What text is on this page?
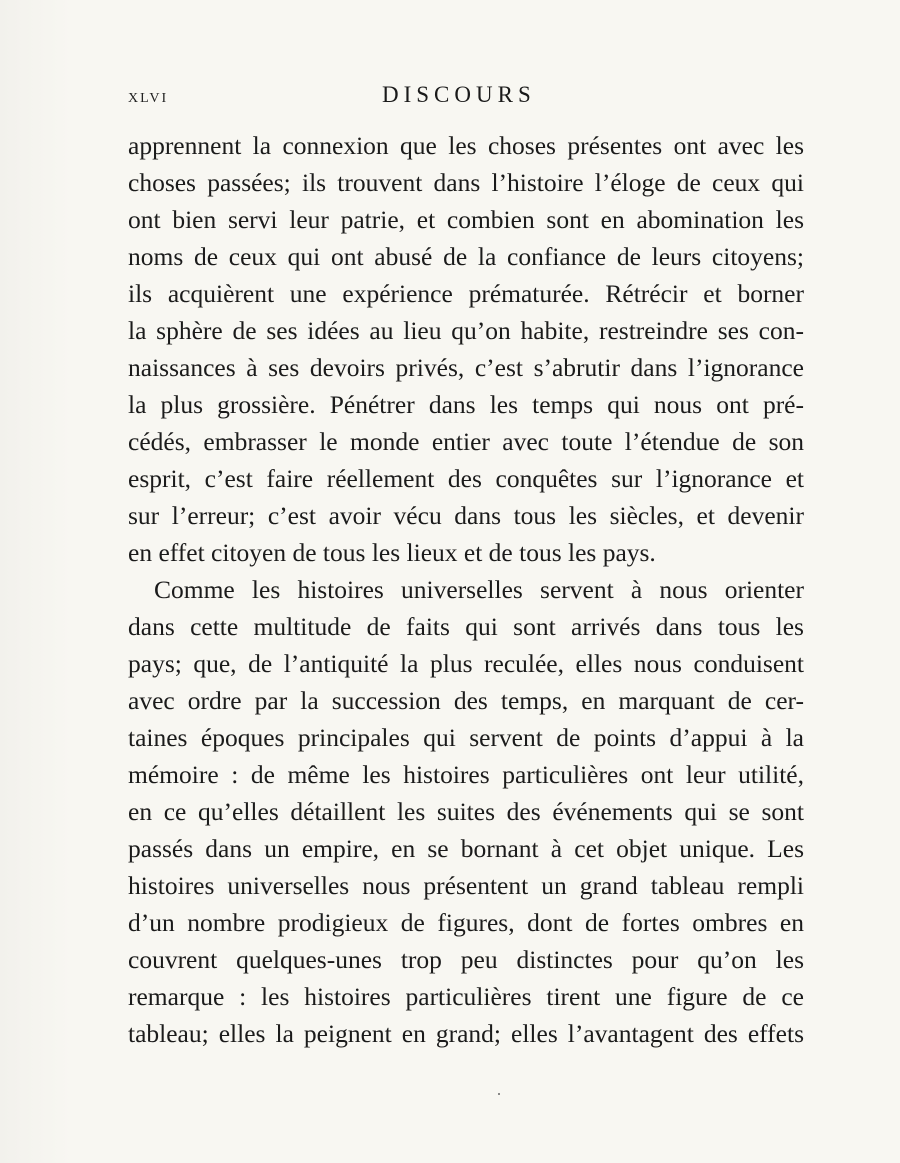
XLVI	DISCOURS
apprennent la connexion que les choses présentes ont avec les
choses passées; ils trouvent dans l’histoire l’éloge de ceux qui
ont bien servi leur patrie, et combien sont en abomination les
noms de ceux qui ont abusé de la confiance de leurs citoyens;
ils acquièrent une expérience prématurée. Rétrécir et borner
la sphère de ses idées au lieu qu’on habite, restreindre ses con-
naissances à ses devoirs privés, c’est s’abrutir dans l’ignorance
la plus grossière. Pénétrer dans les temps qui nous ont pré-
cédés, embrasser le monde entier avec toute l’étendue de son
esprit, c’est faire réellement des conquêtes sur l’ignorance et
sur l’erreur; c’est avoir vécu dans tous les siècles, et devenir
en effet citoyen de tous les lieux et de tous les pays.
Comme les histoires universelles servent à nous orienter
dans cette multitude de faits qui sont arrivés dans tous les
pays; que, de l’antiquité la plus reculée, elles nous conduisent
avec ordre par la succession des temps, en marquant de cer-
taines époques principales qui servent de points d’appui à la
mémoire : de même les histoires particulières ont leur utilité,
en ce qu’elles détaillent les suites des événements qui se sont
passés dans un empire, en se bornant à cet objet unique. Les
histoires universelles nous présentent un grand tableau rempli
d’un nombre prodigieux de figures, dont de fortes ombres en
couvrent quelques-unes trop peu distinctes pour qu’on les
remarque : les histoires particulières tirent une figure de ce
tableau; elles la peignent en grand; elles l’avantagent des effets
